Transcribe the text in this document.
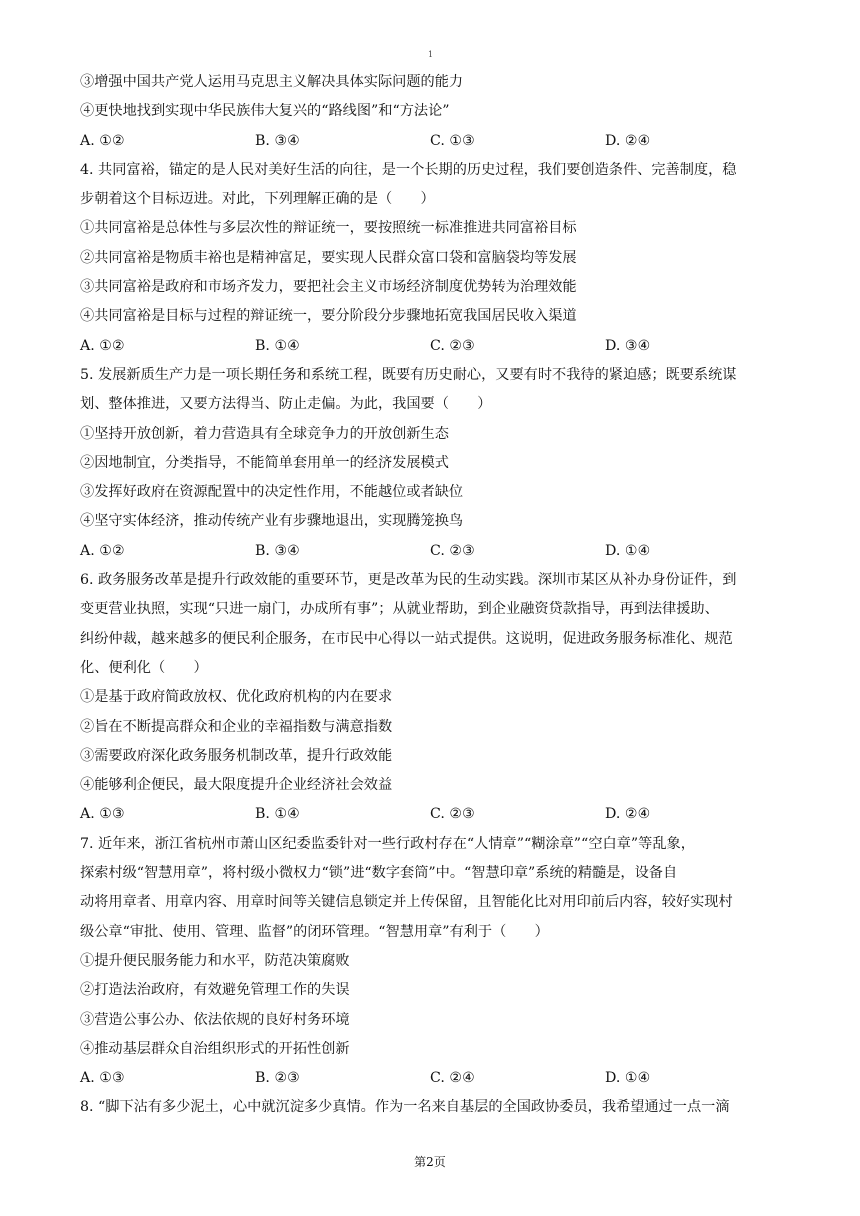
1
③增强中国共产党人运用马克思主义解决具体实际问题的能力
④更快地找到实现中华民族伟大复兴的“路线图”和“方法论”
A. ①②	B. ③④	C. ①③	D. ②④
4. 共同富裕，锚定的是人民对美好生活的向往，是一个长期的历史过程，我们要创造条件、完善制度，稳
步朝着这个目标迈进。对此，下列理解正确的是（　　）
①共同富裕是总体性与多层次性的辩证统一，要按照统一标准推进共同富裕目标
②共同富裕是物质丰裕也是精神富足，要实现人民群众富口袋和富脑袋均等发展
③共同富裕是政府和市场齐发力，要把社会主义市场经济制度优势转为治理效能
④共同富裕是目标与过程的辩证统一，要分阶段分步骤地拓宽我国居民收入渠道
A. ①②	B. ①④	C. ②③	D. ③④
5. 发展新质生产力是一项长期任务和系统工程，既要有历史耐心，又要有时不我待的紧迫感；既要系统谋
划、整体推进，又要方法得当、防止走偏。为此，我国要（　　）
①坚持开放创新，着力营造具有全球竞争力的开放创新生态
②因地制宜，分类指导，不能简单套用单一的经济发展模式
③发挥好政府在资源配置中的决定性作用，不能越位或者缺位
④坚守实体经济，推动传统产业有步骤地退出，实现腾笼换鸟
A. ①②	B. ③④	C. ②③	D. ①④
6. 政务服务改革是提升行政效能的重要环节，更是改革为民的生动实践。深圳市某区从补办身份证件，到
变更营业执照，实现“只进一扇门，办成所有事”；从就业帮助，到企业融资贷款指导，再到法律援助、
纠纷仲裁，越来越多的便民利企服务，在市民中心得以一站式提供。这说明，促进政务服务标准化、规范
化、便利化（　　）
①是基于政府简政放权、优化政府机构的内在要求
②旨在不断提高群众和企业的幸福指数与满意指数
③需要政府深化政务服务机制改革，提升行政效能
④能够利企便民，最大限度提升企业经济社会效益
A. ①③	B. ①④	C. ②③	D. ②④
7. 近年来，浙江省杭州市萧山区纪委监委针对一些行政村存在“人情章”“糊涂章”“空白章”等乱象，
探索村级“智慧用章”，将村级小微权力“锁”进“数字套筒”中。“智慧印章”系统的精髓是，设备自
动将用章者、用章内容、用章时间等关键信息锁定并上传保留，且智能化比对用印前后内容，较好实现村
级公章“审批、使用、管理、监督”的闭环管理。“智慧用章”有利于（　　）
①提升便民服务能力和水平，防范决策腐败
②打造法治政府，有效避免管理工作的失误
③营造公事公办、依法依规的良好村务环境
④推动基层群众自治组织形式的开拓性创新
A. ①③	B. ②③	C. ②④	D. ①④
8. “脚下沾有多少泥土，心中就沉淀多少真情。作为一名来自基层的全国政协委员，我希望通过一点一滴
第2页
